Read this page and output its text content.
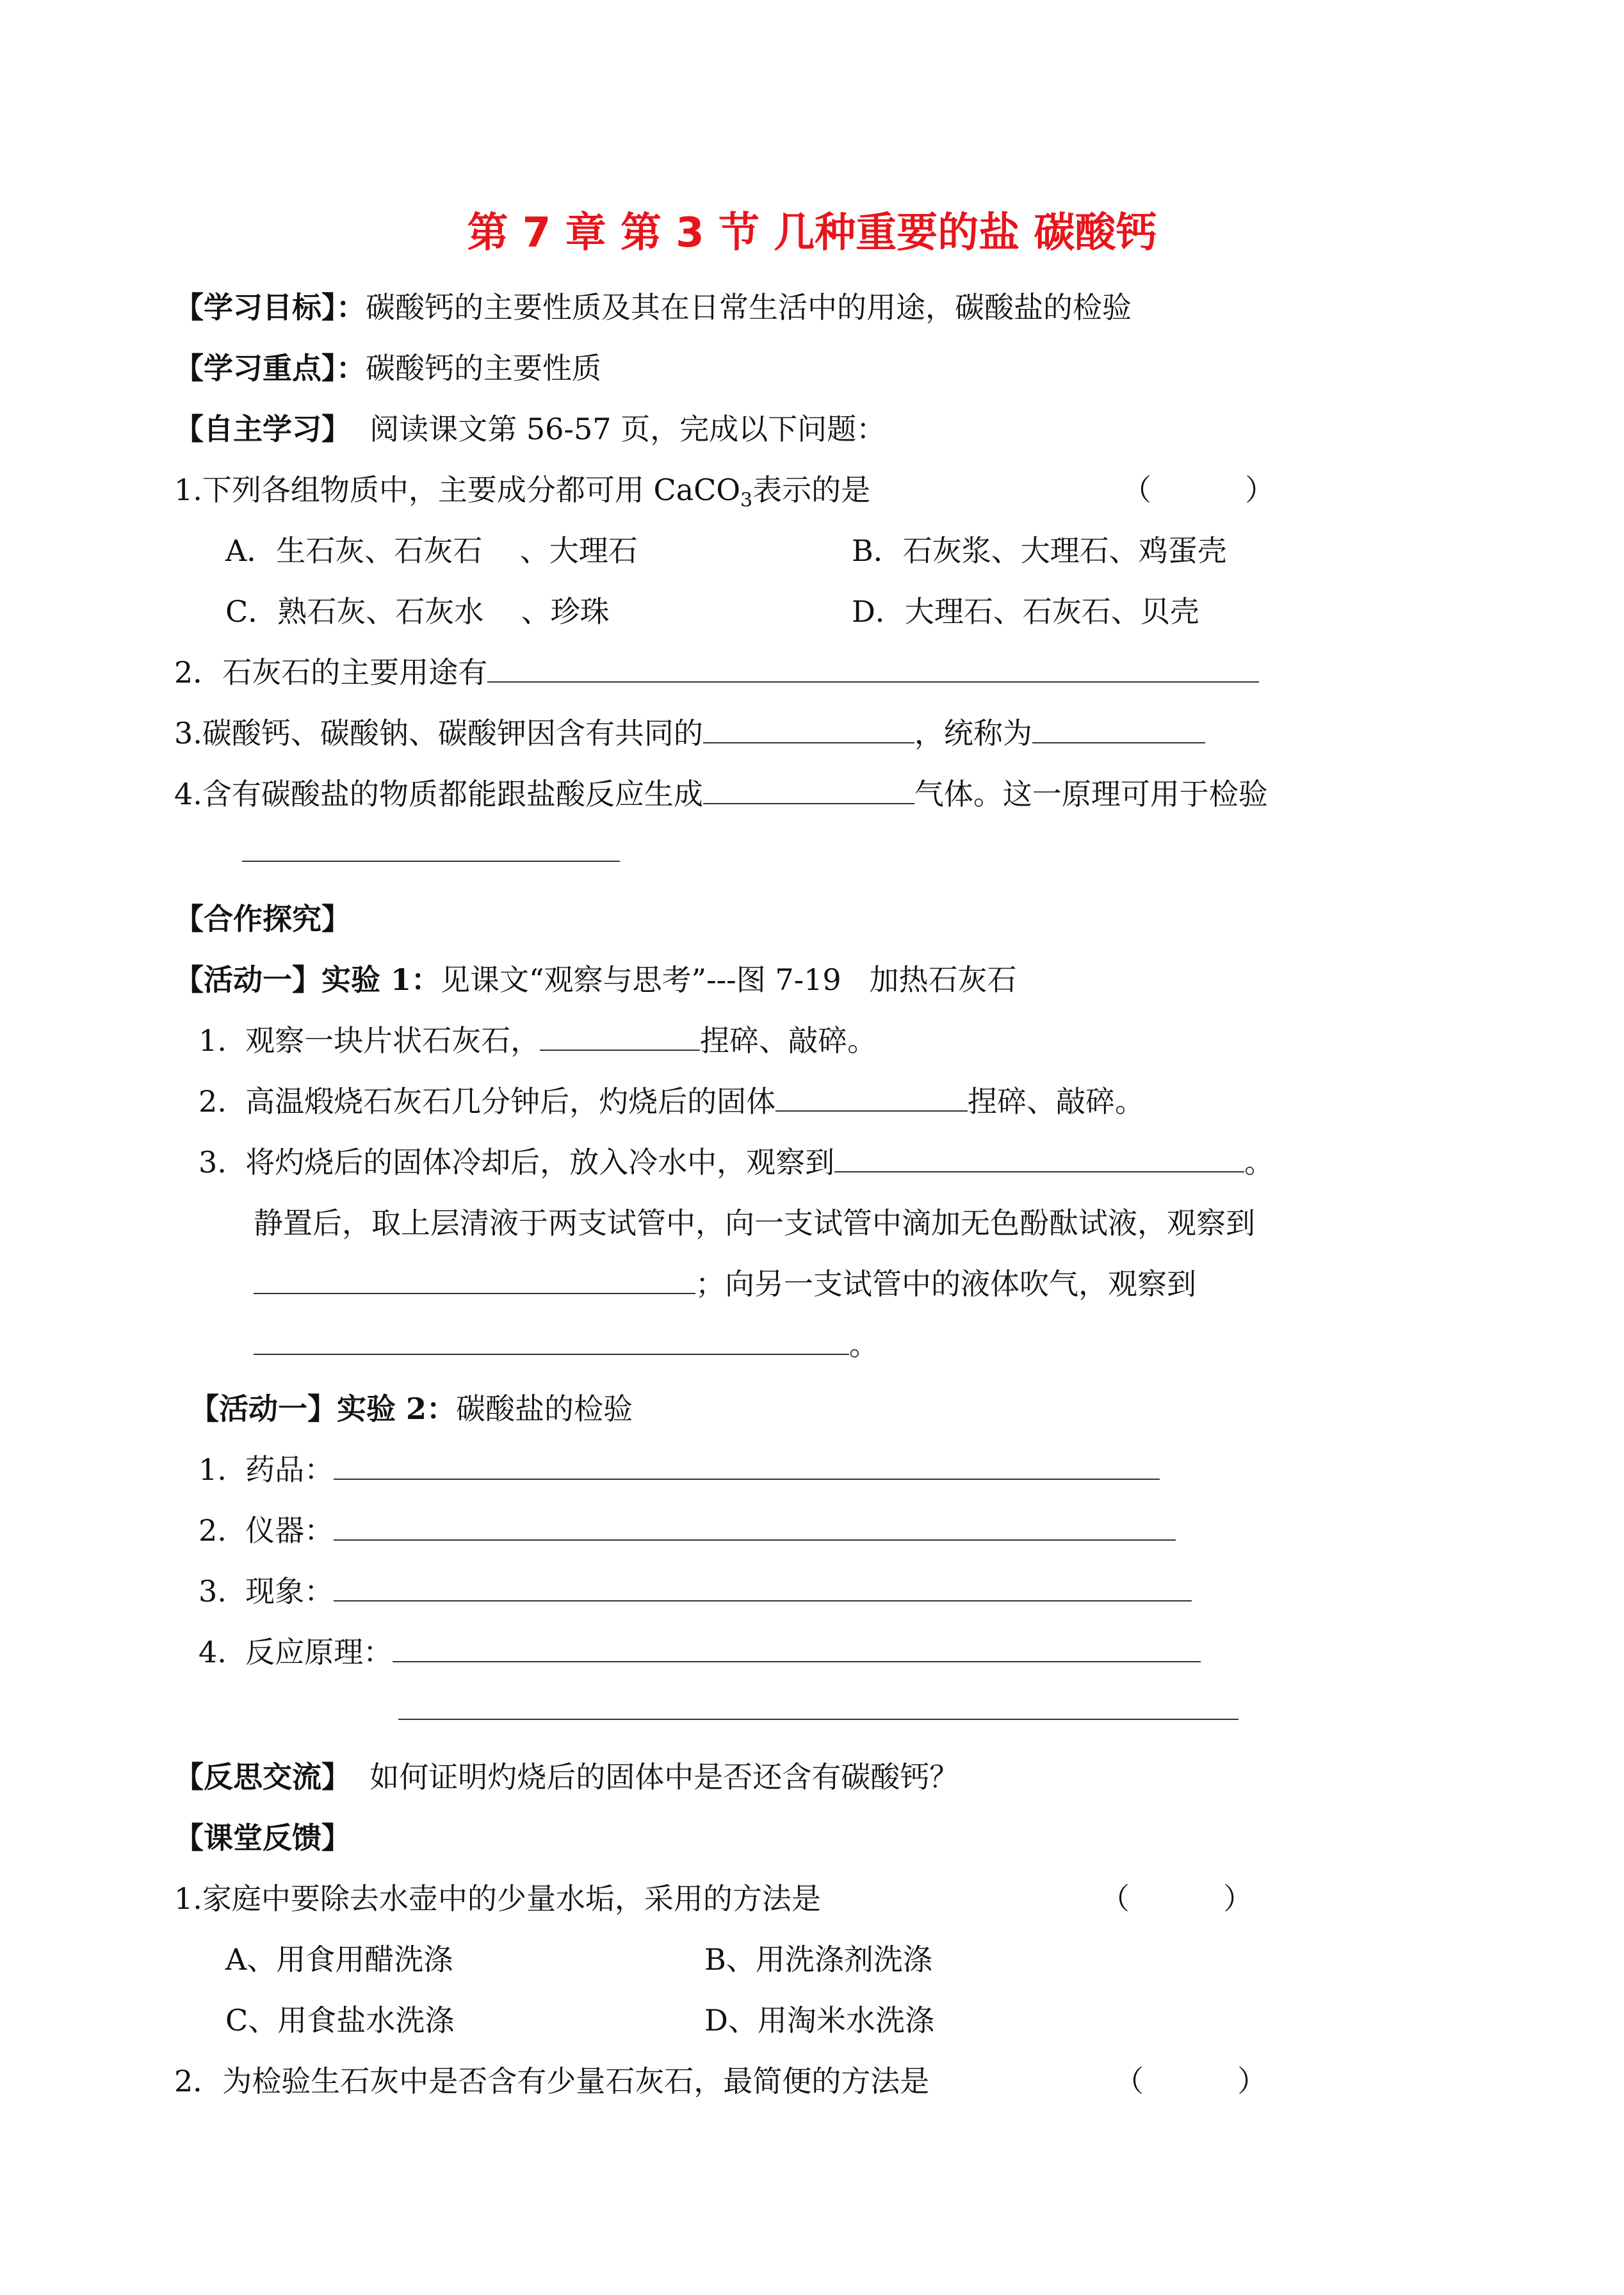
第 7 章 第 3 节 几种重要的盐 碳酸钙
【学习目标】：碳酸钙的主要性质及其在日常生活中的用途，碳酸盐的检验
【学习重点】：碳酸钙的主要性质
【自主学习】 阅读课文第 56-57 页，完成以下问题：
1.下列各组物质中，主要成分都可用 CaCO$_3$表示的是	（          ）
A．生石灰、石灰石    、大理石	B．石灰浆、大理石、鸡蛋壳
C．熟石灰、石灰水    、珍珠	D．大理石、石灰石、贝壳
2．石灰石的主要用途有
3.碳酸钙、碳酸钠、碳酸钾因含有共同的	，统称为
4.含有碳酸盐的物质都能跟盐酸反应生成	气体。这一原理可用于检验
【合作探究】
【活动一】实验 1：见课文“观察与思考”---图 7-19   加热石灰石
1. 观察一块片状石灰石，	捏碎、敲碎。
2. 高温煅烧石灰石几分钟后，灼烧后的固体	捏碎、敲碎。
3. 将灼烧后的固体冷却后，放入冷水中，观察到	。
静置后，取上层清液于两支试管中，向一支试管中滴加无色酚酞试液，观察到
；向另一支试管中的液体吹气，观察到
。
【活动一】实验 2：碳酸盐的检验
1. 药品：
2. 仪器：
3. 现象：
4. 反应原理：
【反思交流】 如何证明灼烧后的固体中是否还含有碳酸钙？
【课堂反馈】
1.家庭中要除去水壶中的少量水垢，采用的方法是	（          ）
A、用食用醋洗涤	B、用洗涤剂洗涤
C、用食盐水洗涤	D、用淘米水洗涤
2．为检验生石灰中是否含有少量石灰石，最简便的方法是	（          ）
